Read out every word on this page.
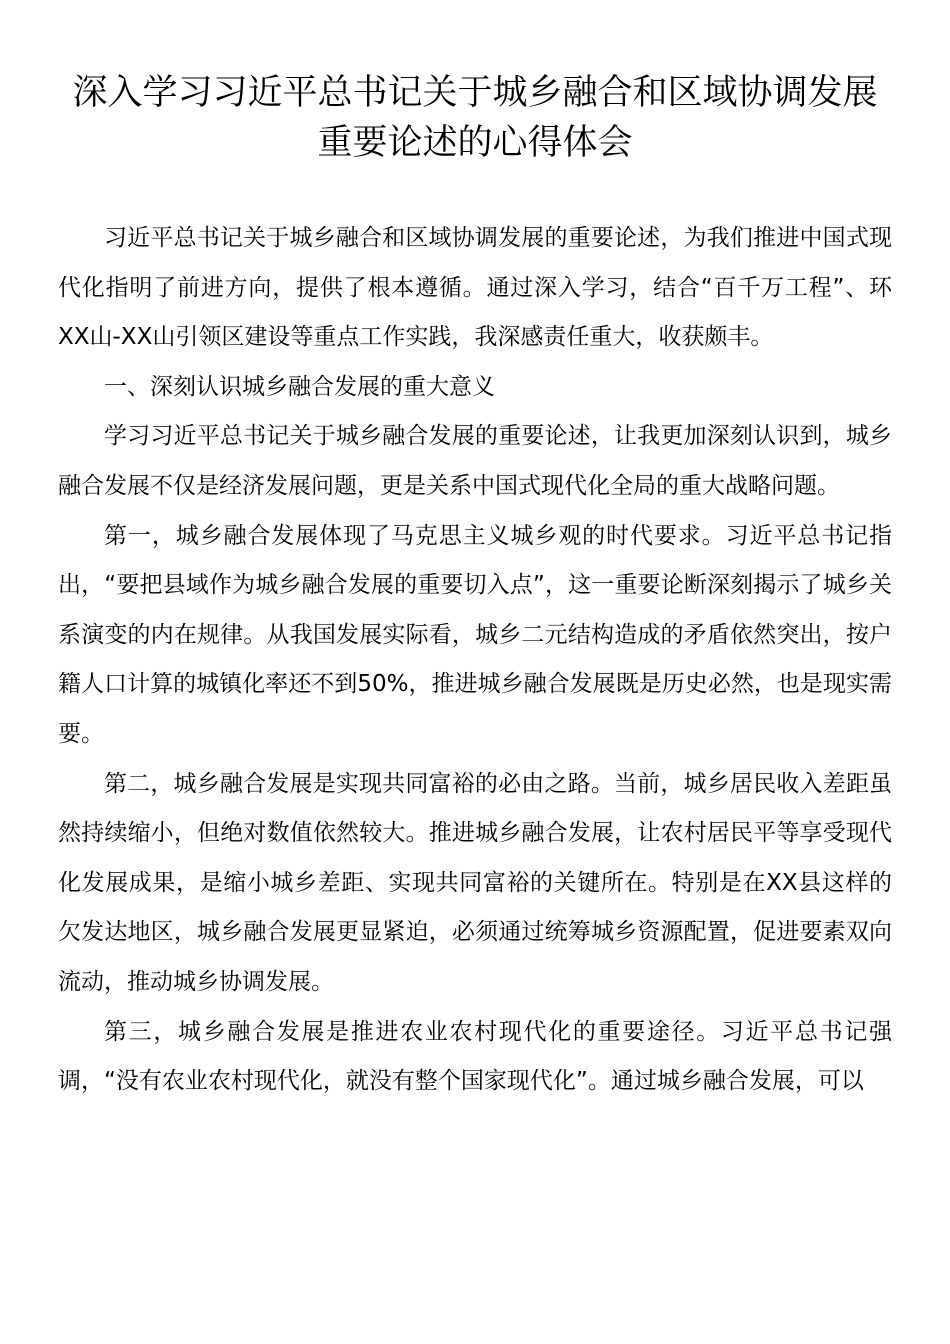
深入学习习近平总书记关于城乡融合和区域协调发展
重要论述的心得体会

习近平总书记关于城乡融合和区域协调发展的重要论述，为我们推进中国式现代化指明了前进方向，提供了根本遵循。通过深入学习，结合“百千万工程”、环XX山-XX山引领区建设等重点工作实践，我深感责任重大，收获颇丰。

一、深刻认识城乡融合发展的重大意义

学习习近平总书记关于城乡融合发展的重要论述，让我更加深刻认识到，城乡融合发展不仅是经济发展问题，更是关系中国式现代化全局的重大战略问题。

第一，城乡融合发展体现了马克思主义城乡观的时代要求。习近平总书记指出，“要把县域作为城乡融合发展的重要切入点”，这一重要论断深刻揭示了城乡关系演变的内在规律。从我国发展实际看，城乡二元结构造成的矛盾依然突出，按户籍人口计算的城镇化率还不到50%，推进城乡融合发展既是历史必然，也是现实需要。

第二，城乡融合发展是实现共同富裕的必由之路。当前，城乡居民收入差距虽然持续缩小，但绝对数值依然较大。推进城乡融合发展，让农村居民平等享受现代化发展成果，是缩小城乡差距、实现共同富裕的关键所在。特别是在XX县这样的欠发达地区，城乡融合发展更显紧迫，必须通过统筹城乡资源配置，促进要素双向流动，推动城乡协调发展。

第三，城乡融合发展是推进农业农村现代化的重要途径。习近平总书记强调，“没有农业农村现代化，就没有整个国家现代化”。通过城乡融合发展，可以
